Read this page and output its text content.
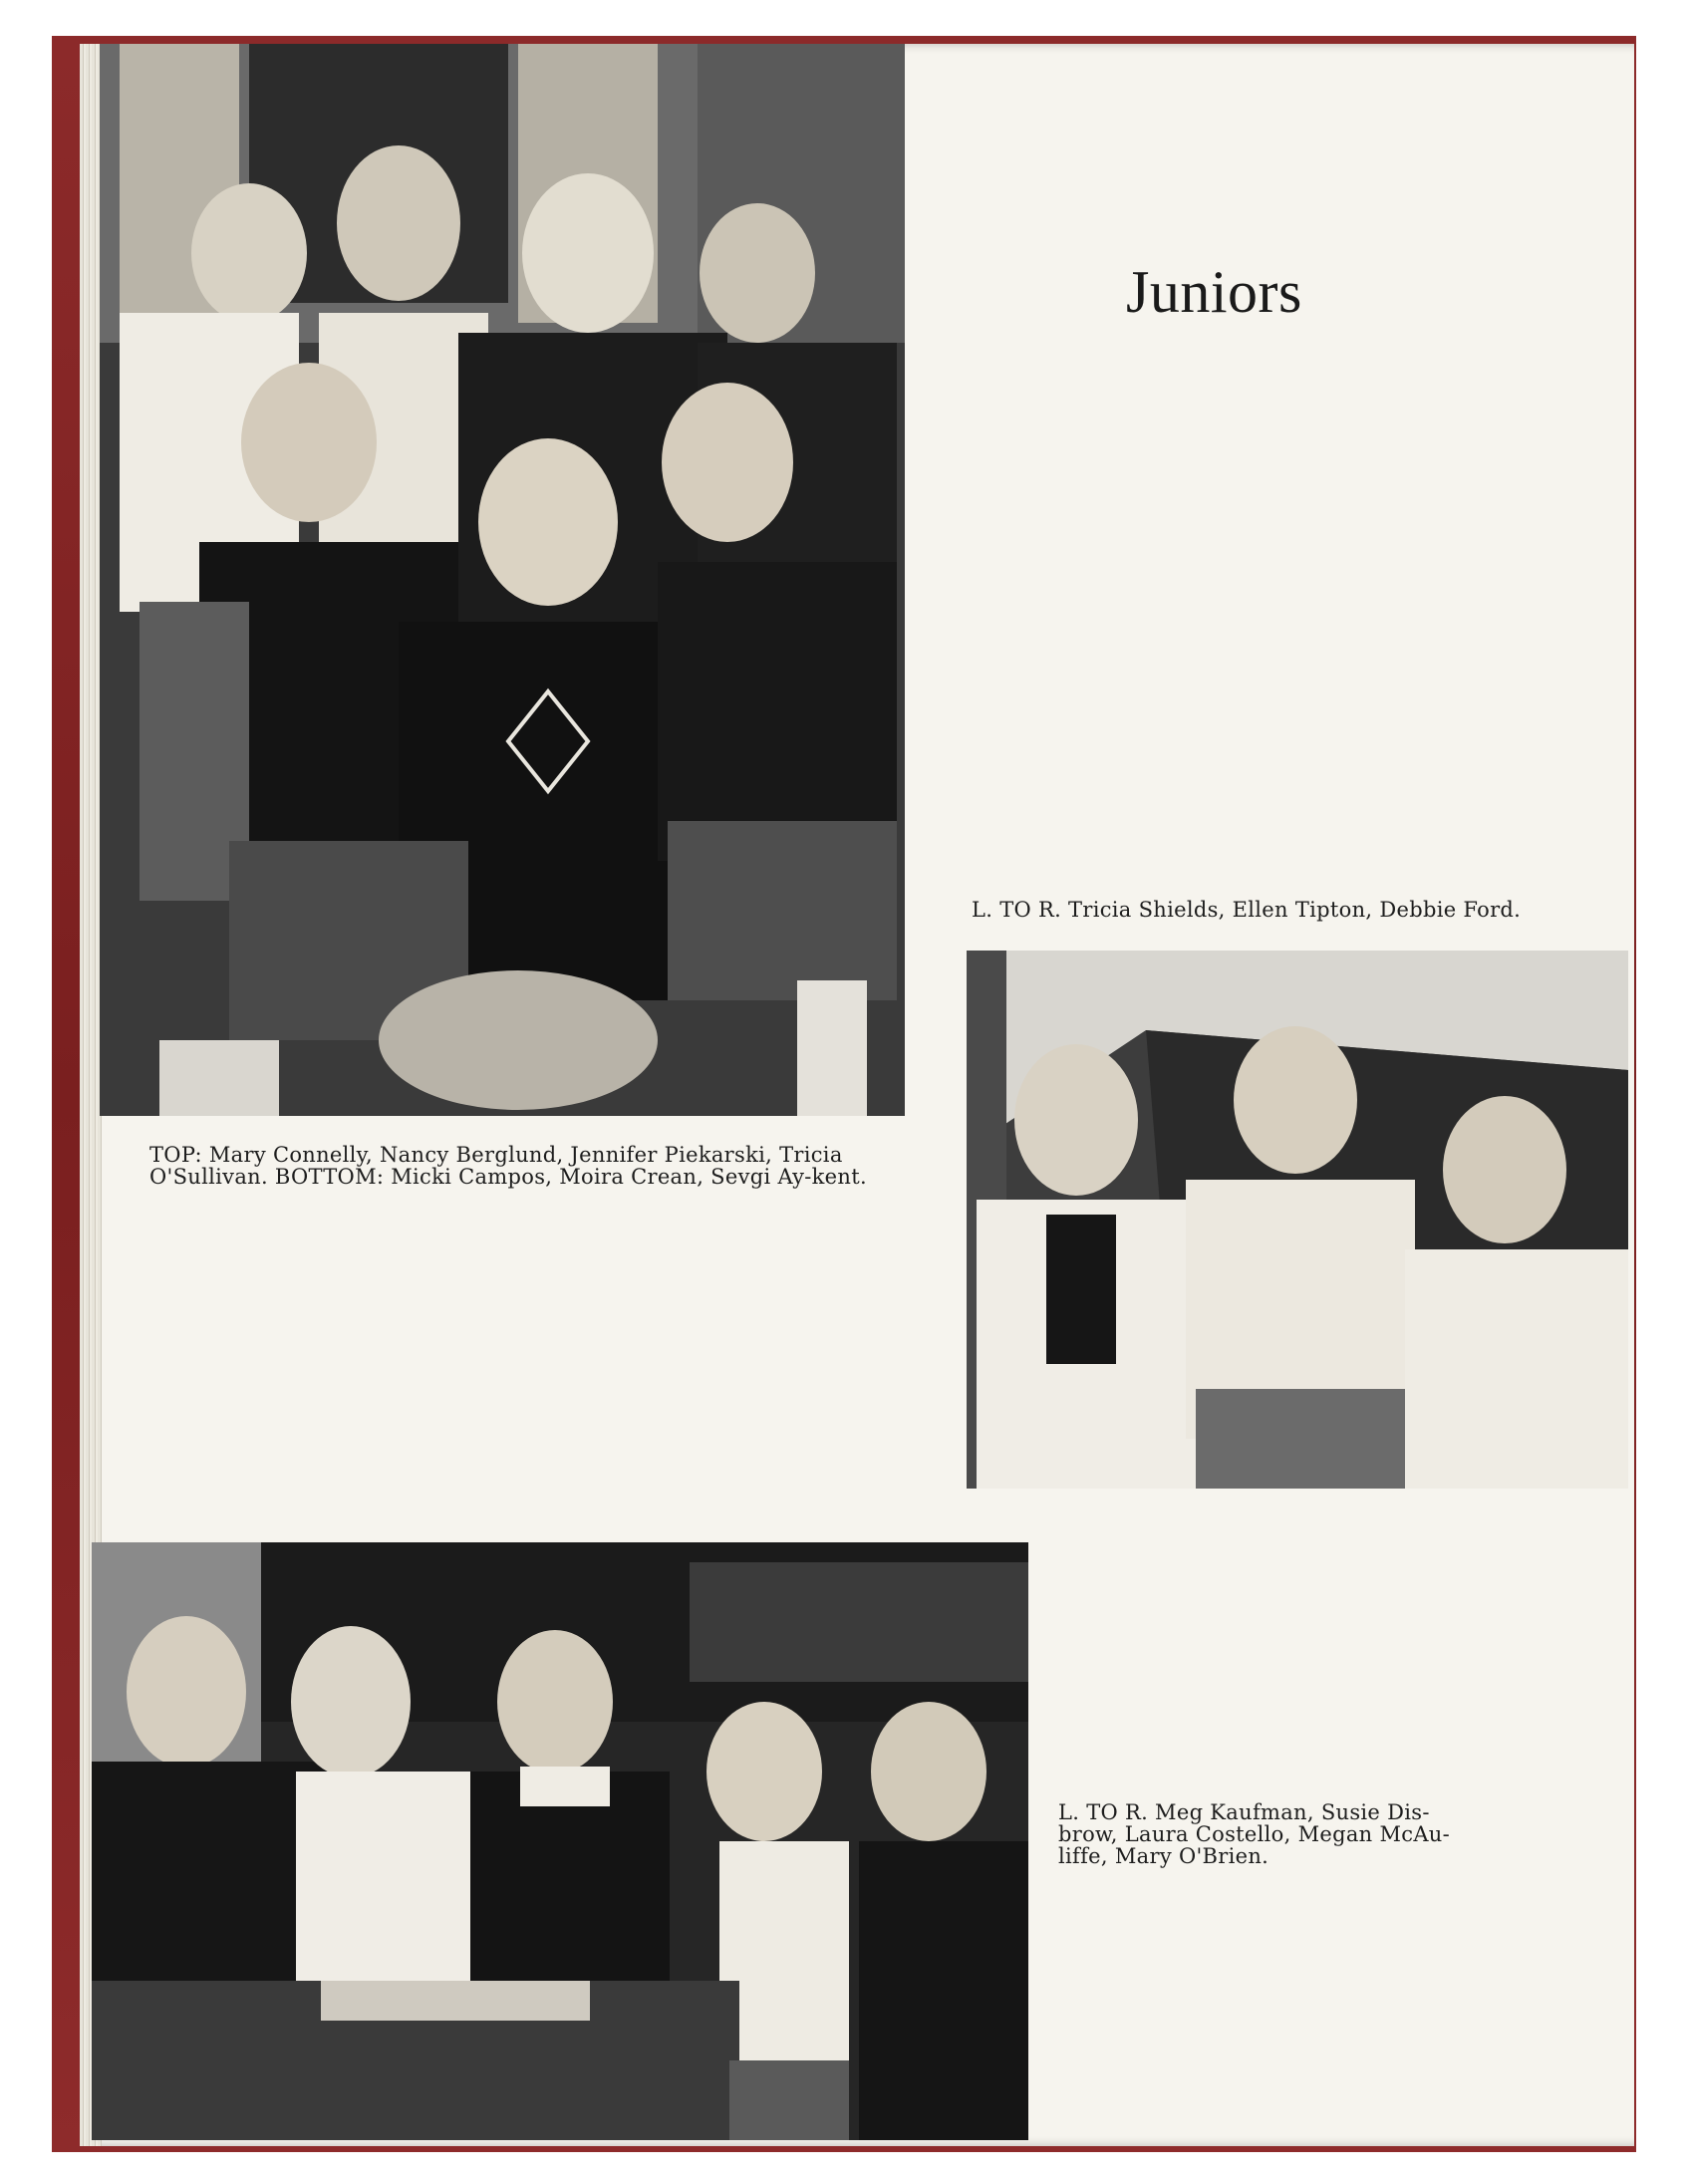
Juniors
TOP: Mary Connelly, Nancy Berglund, Jennifer Piekarski, Tricia O'Sullivan. BOTTOM: Micki Campos, Moira Crean, Sevgi Ay-kent.
L. TO R. Tricia Shields, Ellen Tipton, Debbie Ford.
L. TO R. Meg Kaufman, Susie Dis-brow, Laura Costello, Megan McAu-liffe, Mary O'Brien.
